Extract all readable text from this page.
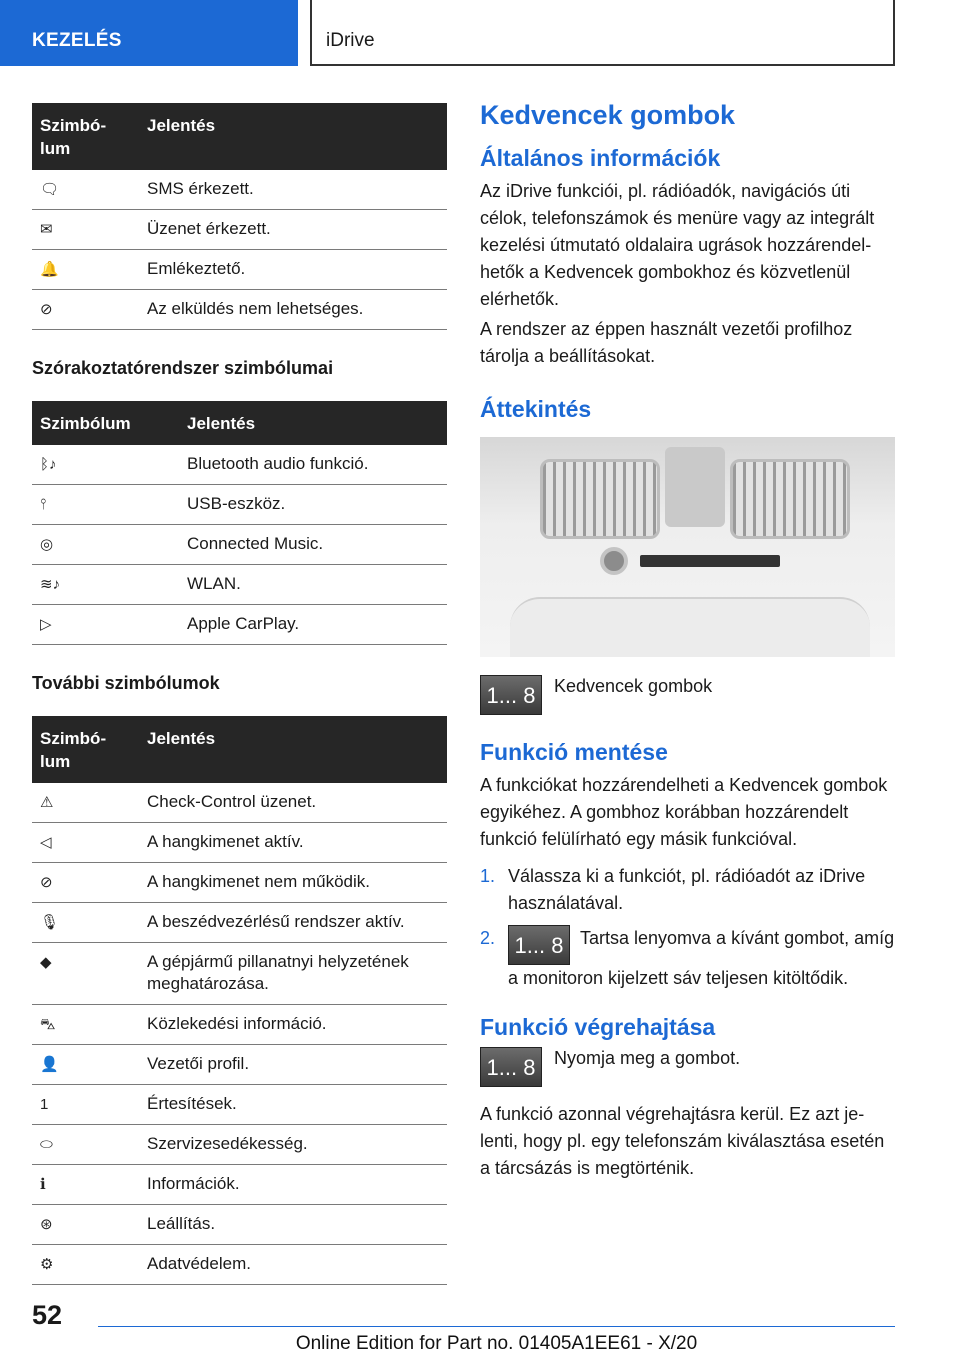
KEZELÉS	iDrive
Szimbó-
lum	Jelentés
🗨	SMS érkezett.
✉	Üzenet érkezett.
🔔	Emlékeztető.
⊘	Az elküldés nem lehetséges.
Szórakoztatórendszer szimbólumai
Szimbólum	Jelentés
ᛒ♪	Bluetooth audio funkció.
⫯	USB-eszköz.
◎	Connected Music.
≋♪	WLAN.
▷	Apple CarPlay.
További szimbólumok
Szimbó-
lum	Jelentés
⚠	Check-Control üzenet.
◁	A hangkimenet aktív.
⊘	A hangkimenet nem működik.
🎙	A beszédvezérlésű rendszer aktív.
◆	A gépjármű pillanatnyi helyzetének meghatározása.
⛍	Közlekedési információ.
👤	Vezetői profil.
1	Értesítések.
⬭	Szervizesedékesség.
ℹ	Információk.
⊛	Leállítás.
⚙	Adatvédelem.
Kedvencek gombok
Általános információk

Az iDrive funkciói, pl. rádióadók, navigációs úti célok, telefonszámok és menüre vagy az integrált kezelési útmutató oldalaira ugrások hozzárendelhetők a Kedvencek gombokhoz és közvetlenül elérhetők.

A rendszer az éppen használt vezetői profilhoz tárolja a beállításokat.

Áttekintés
1... 8	Kedvencek gombok
Funkció mentése

A funkciókat hozzárendelheti a Kedvencek gombok egyikéhez. A gombhoz korábban hozzárendelt funkció felülírható egy másik funkcióval.

1. Válassza ki a funkciót, pl. rádióadót az iDrive használatával.
2. 1... 8 Tartsa lenyomva a kívánt gombot, amíg a monitoron kijelzett sáv teljesen kitöltődik.
Funkció végrehajtása
1... 8	Nyomja meg a gombot.

A funkció azonnal végrehajtásra kerül. Ez azt jelenti, hogy pl. egy telefonszám kiválasztása esetén a tárcsázás is megtörténik.

52
Online Edition for Part no. 01405A1EE61 - X/20
